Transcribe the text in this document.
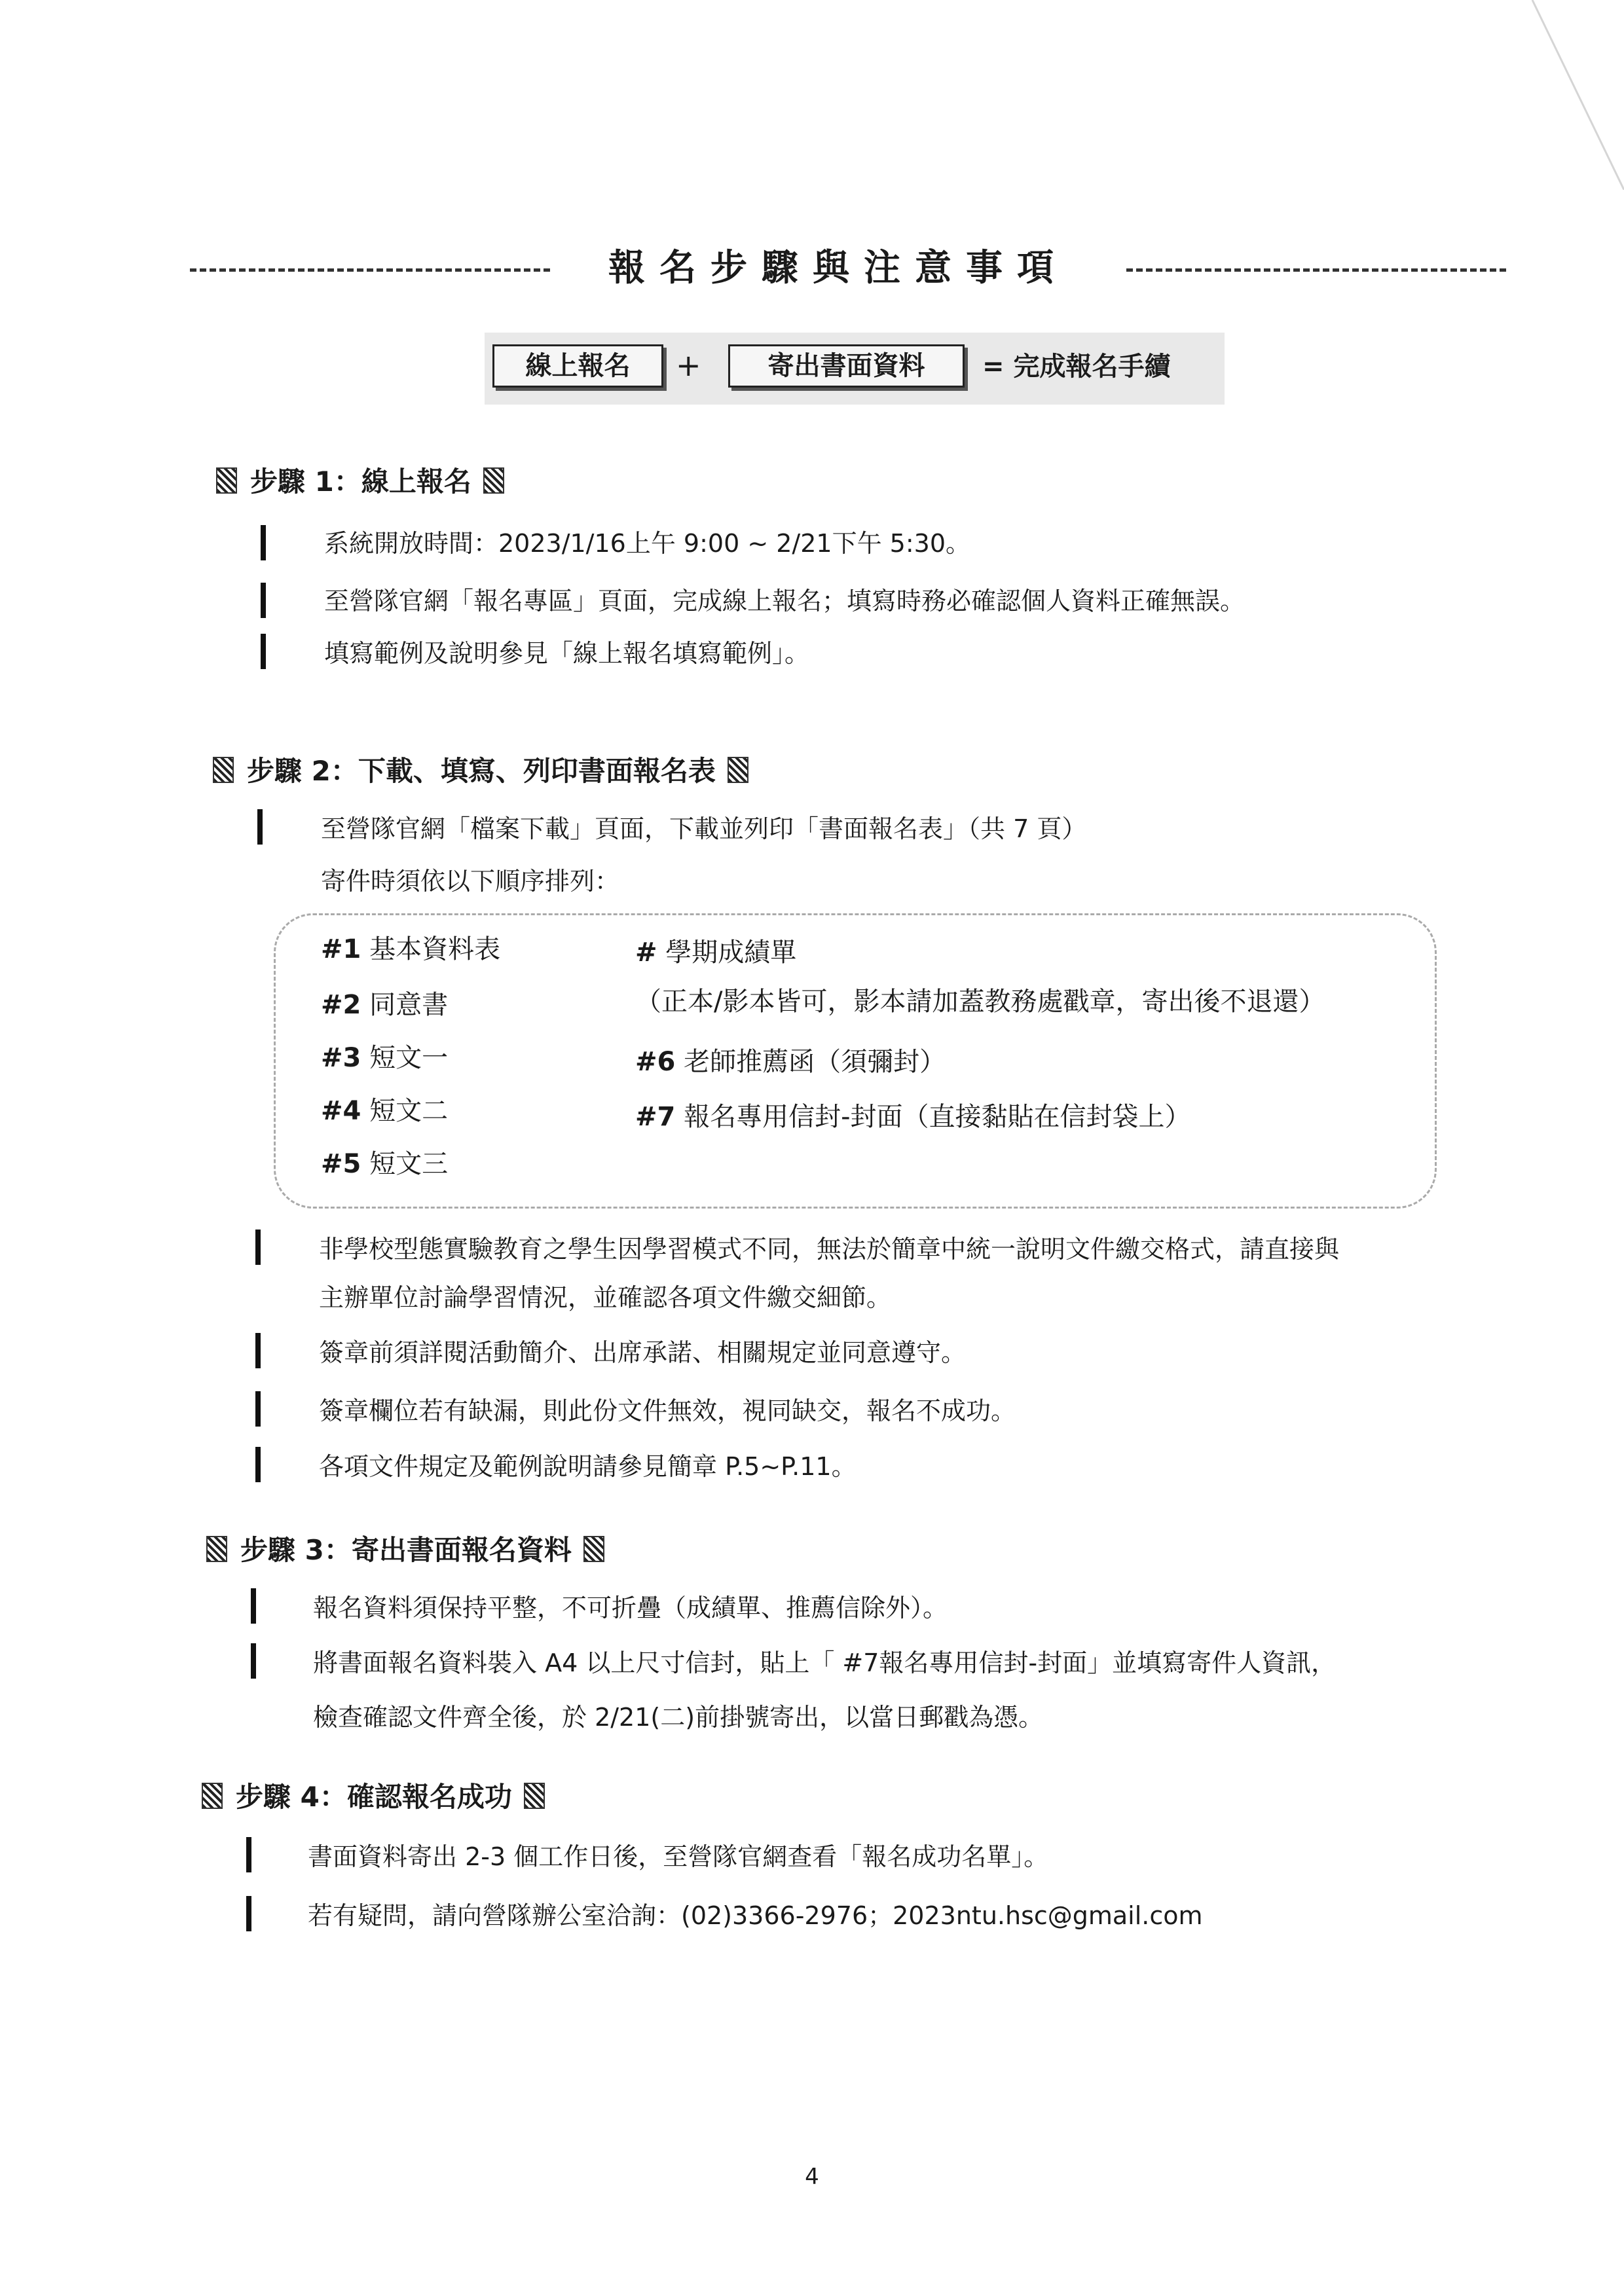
報名步驟與注意事項
線上報名	+	寄出書面資料	= 完成報名手續
步驟 1：線上報名
系統開放時間：2023/1/16上午 9:00 ~ 2/21下午 5:30。
至營隊官網「報名專區」頁面，完成線上報名；填寫時務必確認個人資料正確無誤。
填寫範例及說明參見「線上報名填寫範例」。
步驟 2：下載、填寫、列印書面報名表
至營隊官網「檔案下載」頁面，下載並列印「書面報名表」（共 7 頁）
寄件時須依以下順序排列：
#1 基本資料表
#2 同意書
#3 短文一
#4 短文二
#5 短文三
# 學期成績單
（正本/影本皆可，影本請加蓋教務處戳章，寄出後不退還）
#6 老師推薦函（須彌封）
#7 報名專用信封-封面（直接黏貼在信封袋上）
非學校型態實驗教育之學生因學習模式不同，無法於簡章中統一說明文件繳交格式，請直接與
主辦單位討論學習情況，並確認各項文件繳交細節。
簽章前須詳閱活動簡介、出席承諾、相關規定並同意遵守。
簽章欄位若有缺漏，則此份文件無效，視同缺交，報名不成功。
各項文件規定及範例說明請參見簡章 P.5~P.11。
步驟 3：寄出書面報名資料
報名資料須保持平整，不可折疊（成績單、推薦信除外）。
將書面報名資料裝入 A4 以上尺寸信封，貼上「 #7報名專用信封-封面」並填寫寄件人資訊，
檢查確認文件齊全後，於 2/21(二)前掛號寄出，以當日郵戳為憑。
步驟 4：確認報名成功
書面資料寄出 2-3 個工作日後，至營隊官網查看「報名成功名單」。
若有疑問，請向營隊辦公室洽詢：(02)3366-2976；2023ntu.hsc@gmail.com
4
